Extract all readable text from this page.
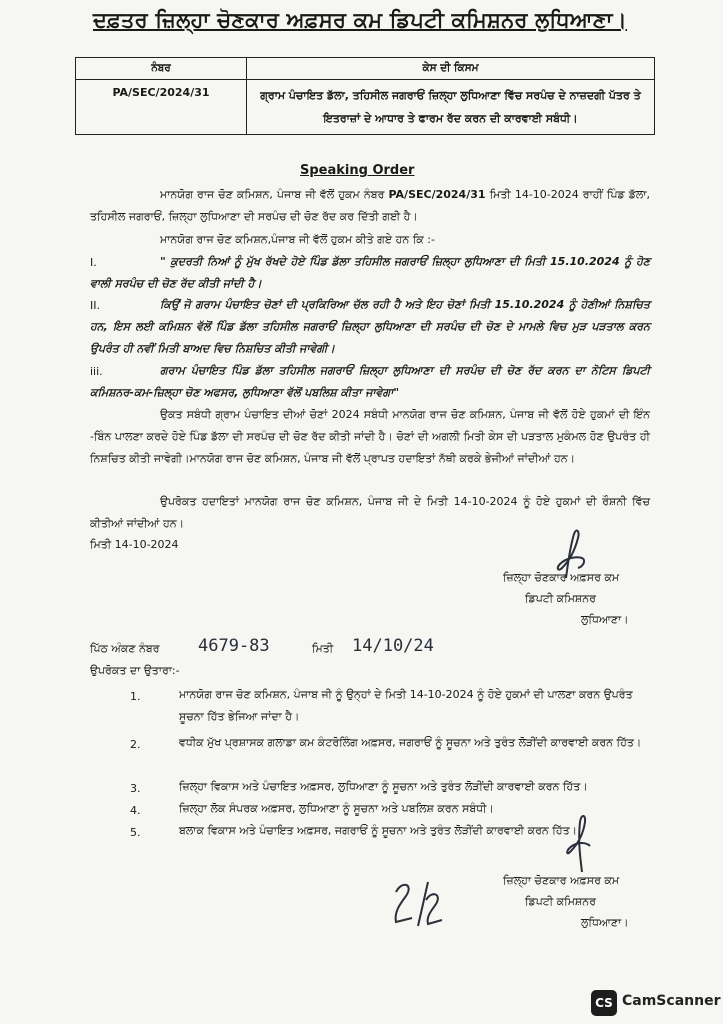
ਦਫ਼ਤਰ ਜ਼ਿਲ੍ਹਾ ਚੋਣਕਾਰ ਅਫ਼ਸਰ ਕਮ ਡਿਪਟੀ ਕਮਿਸ਼ਨਰ ਲੁਧਿਆਣਾ।
ਨੰਬਰ	ਕੇਸ ਦੀ ਕਿਸਮ
PA/SEC/2024/31	ਗ੍ਰਾਮ ਪੰਚਾਇਤ ਡੱਲਾ, ਤਹਿਸੀਲ ਜਗਰਾਓਂ ਜ਼ਿਲ੍ਹਾ ਲੁਧਿਆਣਾ ਵਿੱਚ ਸਰਪੰਚ ਦੇ ਨਾਜ਼ਦਗੀ ਪੱਤਰ ਤੇ ਇਤਰਾਜ਼ਾਂ ਦੇ ਆਧਾਰ ਤੇ ਫਾਰਮ ਰੱਦ ਕਰਨ ਦੀ ਕਾਰਵਾਈ ਸਬੰਧੀ।
Speaking Order

ਮਾਨਯੋਗ ਰਾਜ ਚੋਣ ਕਮਿਸ਼ਨ, ਪੰਜਾਬ ਜੀ ਵੱਲੋਂ ਹੁਕਮ ਨੰਬਰ PA/SEC/2024/31 ਮਿਤੀ 14-10-2024 ਰਾਹੀਂ ਪਿੰਡ ਡੱਲਾ, ਤਹਿਸੀਲ ਜਗਰਾਓਂ, ਜ਼ਿਲ੍ਹਾ ਲੁਧਿਆਣਾ ਦੀ ਸਰਪੰਚ ਦੀ ਚੋਣ ਰੱਦ ਕਰ ਦਿੱਤੀ ਗਈ ਹੈ।

ਮਾਨਯੋਗ ਰਾਜ ਚੋਣ ਕਮਿਸ਼ਨ,ਪੰਜਾਬ ਜੀ ਵੱਲੋਂ ਹੁਕਮ ਕੀਤੇ ਗਏ ਹਨ ਕਿ :-

I.	" ਕੁਦਰਤੀ ਨਿਆਂ ਨੂੰ ਮੁੱਖ ਰੱਖਦੇ ਹੋਏ ਪਿੰਡ ਡੱਲਾ ਤਹਿਸੀਲ ਜਗਰਾਓਂ ਜ਼ਿਲ੍ਹਾ ਲੁਧਿਆਣਾ ਦੀ ਮਿਤੀ 15.10.2024 ਨੂੰ ਹੋਣ ਵਾਲੀ ਸਰਪੰਚ ਦੀ ਚੋਣ ਰੱਦ ਕੀਤੀ ਜਾਂਦੀ ਹੈ।

II.	ਕਿਉਂ ਜੋ ਗਰਾਮ ਪੰਚਾਇਤ ਚੋਣਾਂ ਦੀ ਪ੍ਰਕਿਰਿਆ ਚੱਲ ਰਹੀ ਹੈ ਅਤੇ ਇਹ ਚੋਣਾਂ ਮਿਤੀ 15.10.2024 ਨੂੰ ਹੋਣੀਆਂ ਨਿਸ਼ਚਿਤ ਹਨ, ਇਸ ਲਈ ਕਮਿਸ਼ਨ ਵੱਲੋਂ ਪਿੰਡ ਡੱਲਾ ਤਹਿਸੀਲ ਜਗਰਾਓਂ ਜ਼ਿਲ੍ਹਾ ਲੁਧਿਆਣਾ ਦੀ ਸਰਪੰਚ ਦੀ ਚੋਣ ਦੇ ਮਾਮਲੇ ਵਿਚ ਮੁੜ ਪੜਤਾਲ ਕਰਨ ਉਪਰੰਤ ਹੀ ਨਵੀਂ ਮਿਤੀ ਬਾਅਦ ਵਿਚ ਨਿਸ਼ਚਿਤ ਕੀਤੀ ਜਾਵੇਗੀ।

iii.	ਗਰਾਮ ਪੰਚਾਇਤ ਪਿੰਡ ਡੱਲਾ ਤਹਿਸੀਲ ਜਗਰਾਓਂ ਜ਼ਿਲ੍ਹਾ ਲੁਧਿਆਣਾ ਦੀ ਸਰਪੰਚ ਦੀ ਚੋਣ ਰੱਦ ਕਰਨ ਦਾ ਨੋਟਿਸ ਡਿਪਟੀ ਕਮਿਸ਼ਨਰ-ਕਮ-ਜ਼ਿਲ੍ਹਾ ਚੋਣ ਅਫਸਰ, ਲੁਧਿਆਣਾ ਵੱਲੋਂ ਪਬਲਿਸ਼ ਕੀਤਾ ਜਾਵੇਗਾ"

ਉਕਤ ਸਬੰਧੀ ਗ੍ਰਾਮ ਪੰਚਾਇਤ ਦੀਆਂ ਚੋਣਾਂ 2024 ਸਬੰਧੀ ਮਾਨਯੋਗ ਰਾਜ ਚੋਣ ਕਮਿਸ਼ਨ, ਪੰਜਾਬ ਜੀ ਵੱਲੋਂ ਹੋਏ ਹੁਕਮਾਂ ਦੀ ਇੰਨ -ਬਿੰਨ ਪਾਲਣਾ ਕਰਦੇ ਹੋਏ ਪਿੰਡ ਡੱਲਾ ਦੀ ਸਰਪੰਚ ਦੀ ਚੋਣ ਰੱਦ ਕੀਤੀ ਜਾਂਦੀ ਹੈ। ਚੋਣਾਂ ਦੀ ਅਗਲੀ ਮਿਤੀ ਕੇਸ ਦੀ ਪੜਤਾਲ ਮੁਕੰਮਲ ਹੋਣ ਉਪਰੰਤ ਹੀ ਨਿਸ਼ਚਿਤ ਕੀਤੀ ਜਾਵੇਗੀ।ਮਾਨਯੋਗ ਰਾਜ ਚੋਣ ਕਮਿਸ਼ਨ, ਪੰਜਾਬ ਜੀ ਵੱਲੋਂ ਪ੍ਰਾਪਤ ਹਦਾਇਤਾਂ ਨੱਥੀ ਕਰਕੇ ਭੇਜੀਆਂ ਜਾਂਦੀਆਂ ਹਨ।

ਉਪਰੋਕਤ ਹਦਾਇਤਾਂ ਮਾਨਯੋਗ ਰਾਜ ਚੋਣ ਕਮਿਸ਼ਨ, ਪੰਜਾਬ ਜੀ ਦੇ ਮਿਤੀ 14-10-2024 ਨੂੰ ਹੋਏ ਹੁਕਮਾਂ ਦੀ ਰੌਸ਼ਨੀ ਵਿੱਚ ਕੀਤੀਆਂ ਜਾਂਦੀਆਂ ਹਨ।

ਮਿਤੀ 14-10-2024
ਜ਼ਿਲ੍ਹਾ ਚੋਣਕਾਰ ਅਫ਼ਸਰ ਕਮ
ਡਿਪਟੀ ਕਮਿਸ਼ਨਰ
ਲੁਧਿਆਣਾ।
ਪਿੱਠ ਅੰਕਣ ਨੰਬਰ 4679-83	ਮਿਤੀ 14/10/24
ਉਪਰੋਕਤ ਦਾ ਉਤਾਰਾ:-
1.	ਮਾਨਯੋਗ ਰਾਜ ਚੋਣ ਕਮਿਸ਼ਨ, ਪੰਜਾਬ ਜੀ ਨੂੰ ਉਨ੍ਹਾਂ ਦੇ ਮਿਤੀ 14-10-2024 ਨੂੰ ਹੋਏ ਹੁਕਮਾਂ ਦੀ ਪਾਲਣਾ ਕਰਨ ਉਪਰੰਤ ਸੂਚਨਾ ਹਿੱਤ ਭੇਜਿਆ ਜਾਂਦਾ ਹੈ।

2.	ਵਧੀਕ ਮੁੱਖ ਪ੍ਰਸ਼ਾਸਕ ਗਲਾਡਾ ਕਮ ਕੰਟਰੋਲਿੰਗ ਅਫ਼ਸਰ, ਜਗਰਾਓਂ ਨੂੰ ਸੂਚਨਾ ਅਤੇ ਤੁਰੰਤ ਲੋੜੀਂਦੀ ਕਾਰਵਾਈ ਕਰਨ ਹਿੱਤ।

3.	ਜ਼ਿਲ੍ਹਾ ਵਿਕਾਸ ਅਤੇ ਪੰਚਾਇਤ ਅਫ਼ਸਰ, ਲੁਧਿਆਣਾ ਨੂੰ ਸੂਚਨਾ ਅਤੇ ਤੁਰੰਤ ਲੋੜੀਂਦੀ ਕਾਰਵਾਈ ਕਰਨ ਹਿੱਤ।

4.	ਜ਼ਿਲ੍ਹਾ ਲੋਕ ਸੰਪਰਕ ਅਫ਼ਸਰ, ਲੁਧਿਆਣਾ ਨੂੰ ਸੂਚਨਾ ਅਤੇ ਪਬਲਿਸ਼ ਕਰਨ ਸਬੰਧੀ।

5.	ਬਲਾਕ ਵਿਕਾਸ ਅਤੇ ਪੰਚਾਇਤ ਅਫ਼ਸਰ, ਜਗਰਾਓਂ ਨੂੰ ਸੂਚਨਾ ਅਤੇ ਤੁਰੰਤ ਲੋੜੀਂਦੀ ਕਾਰਵਾਈ ਕਰਨ ਹਿੱਤ।

ਜ਼ਿਲ੍ਹਾ ਚੋਣਕਾਰ ਅਫ਼ਸਰ ਕਮ
ਡਿਪਟੀ ਕਮਿਸ਼ਨਰ
ਲੁਧਿਆਣਾ।
CS CamScanner
